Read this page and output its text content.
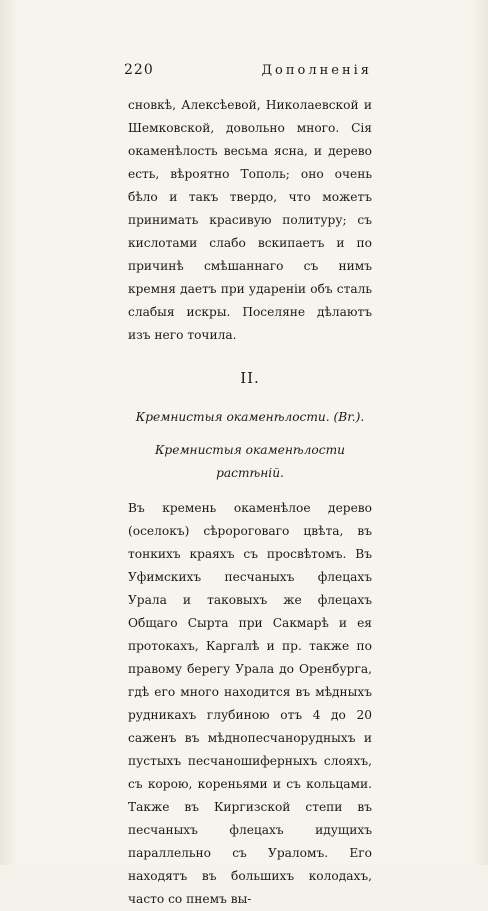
220	Дополненія

сновкѣ, Алексѣевой, Николаевской и Шемковской, довольно много. Сія окаменѣлость весьма ясна, и дерево есть, вѣроятно Тополь; оно очень бѣло и такъ твердо, что можетъ принимать красивую политуру; съ кислотами слабо вскипаетъ и по причинѣ смѣшаннаго съ нимъ кремня даетъ при удареніи объ сталь слабыя искры. Поселяне дѣлаютъ изъ него точила.

II.
Кремнистыя окаменѣлости. (Br.).
Кремнистыя окаменѣлости растѣній.

Въ кремень окаменѣлое дерево (оселокъ) сѣророговаго цвѣта, въ тонкихъ краяхъ съ просвѣтомъ. Въ Уфимскихъ песчаныхъ флецахъ Урала и таковыхъ же флецахъ Общаго Сырта при Сакмарѣ и ея протокахъ, Каргалѣ и пр. также по правому берегу Урала до Оренбурга, гдѣ его много находится въ мѣдныхъ рудникахъ глубиною отъ 4 до 20 саженъ въ мѣднопесчанорудныхъ и пустыхъ песчаношиферныхъ слояхъ, съ корою, кореньями и съ кольцами. Также въ Киргизской степи въ песчаныхъ флецахъ идущихъ параллельно съ Ураломъ. Его находятъ въ большихъ колодахъ, часто со пнемъ вы-
